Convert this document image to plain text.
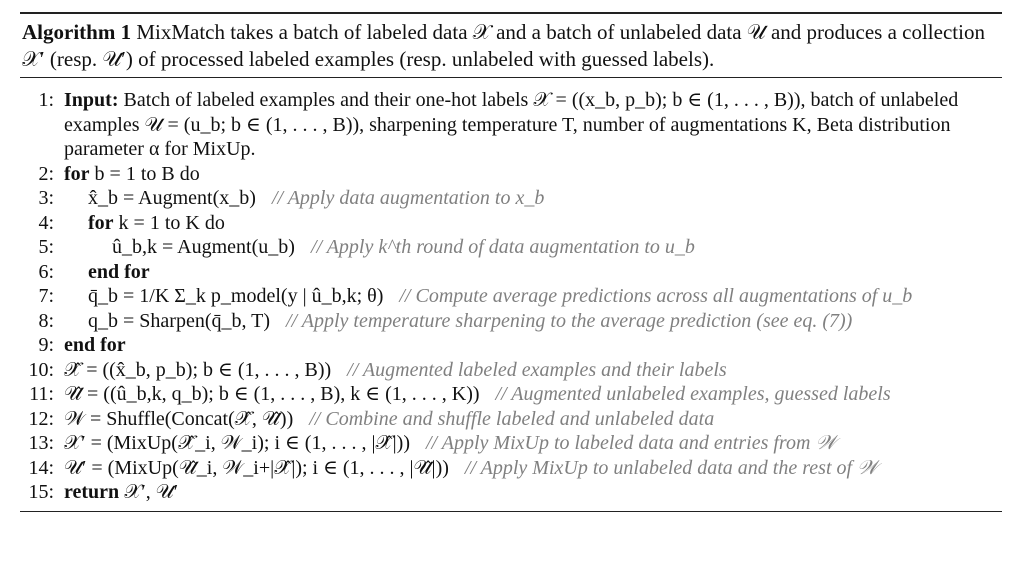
Algorithm 1 MixMatch takes a batch of labeled data 𝒳 and a batch of unlabeled data 𝒰 and produces a collection 𝒳′ (resp. 𝒰′) of processed labeled examples (resp. unlabeled with guessed labels).
1: Input: Batch of labeled examples and their one-hot labels 𝒳 = ((x_b, p_b); b ∈ (1, . . . , B)), batch of unlabeled examples 𝒰 = (u_b; b ∈ (1, . . . , B)), sharpening temperature T, number of augmentations K, Beta distribution parameter α for MixUp.
2: for b = 1 to B do
3:	x̂_b = Augment(x_b) // Apply data augmentation to x_b
4:	for k = 1 to K do
5:	û_b,k = Augment(u_b) // Apply k^th round of data augmentation to u_b
6:	end for
7:	q̄_b = 1/K Σ_k p_model(y | û_b,k; θ) // Compute average predictions across all augmentations of u_b
8:	q_b = Sharpen(q̄_b, T) // Apply temperature sharpening to the average prediction (see eq. (7))
9: end for
10: 𝒳̂ = ((x̂_b, p_b); b ∈ (1, . . . , B)) // Augmented labeled examples and their labels
11: 𝒰̂ = ((û_b,k, q_b); b ∈ (1, . . . , B), k ∈ (1, . . . , K)) // Augmented unlabeled examples, guessed labels
12: 𝒲 = Shuffle(Concat(𝒳̂, 𝒰̂)) // Combine and shuffle labeled and unlabeled data
13: 𝒳′ = (MixUp(𝒳̂_i, 𝒲_i); i ∈ (1, . . . , |𝒳̂|)) // Apply MixUp to labeled data and entries from 𝒲
14: 𝒰′ = (MixUp(𝒰̂_i, 𝒲_i+|𝒳̂|); i ∈ (1, . . . , |𝒰̂|)) // Apply MixUp to unlabeled data and the rest of 𝒲
15: return 𝒳′, 𝒰′
